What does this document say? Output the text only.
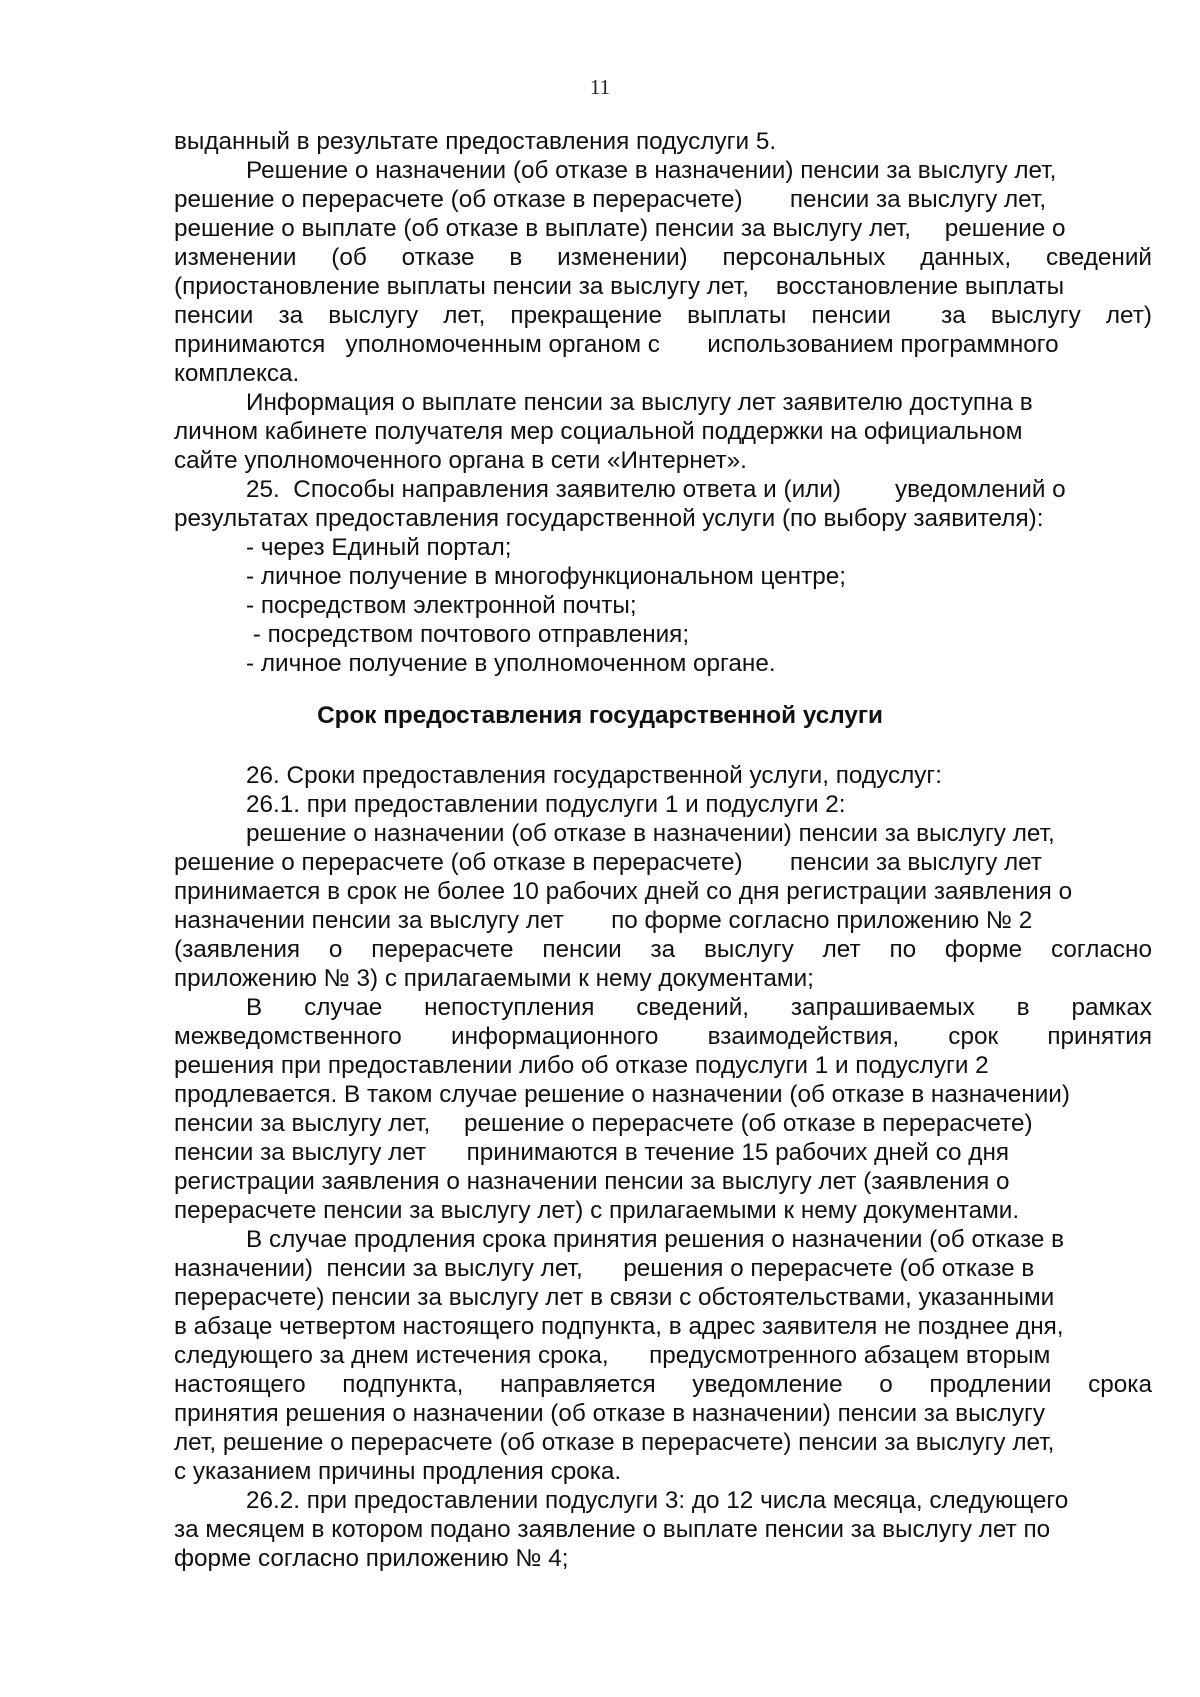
11
выданный в результате предоставления подуслуги 5.
Решение о назначении (об отказе в назначении) пенсии за выслугу лет,
решение о перерасчете (об отказе в перерасчете)       пенсии за выслугу лет,
решение о выплате (об отказе в выплате) пенсии за выслугу лет,     решение о
изменении (об отказе в изменении) персональных данных, сведений
(приостановление выплаты пенсии за выслугу лет,    восстановление выплаты
пенсии за выслугу лет, прекращение выплаты пенсии  за выслугу лет)
принимаются   уполномоченным органом с       использованием программного
комплекса.
Информация о выплате пенсии за выслугу лет заявителю доступна в
личном кабинете получателя мер социальной поддержки на официальном
сайте уполномоченного органа в сети «Интернет».
25.  Способы направления заявителю ответа и (или)        уведомлений о
результатах предоставления государственной услуги (по выбору заявителя):
- через Единый портал;
- личное получение в многофункциональном центре;
- посредством электронной почты;
- посредством почтового отправления;
- личное получение в уполномоченном органе.
Срок предоставления государственной услуги
26. Сроки предоставления государственной услуги, подуслуг:
26.1. при предоставлении подуслуги 1 и подуслуги 2:
решение о назначении (об отказе в назначении) пенсии за выслугу лет,
решение о перерасчете (об отказе в перерасчете)       пенсии за выслугу лет
принимается в срок не более 10 рабочих дней со дня регистрации заявления о
назначении пенсии за выслугу лет       по форме согласно приложению № 2
(заявления о перерасчете пенсии за выслугу лет по форме согласно
приложению № 3) с прилагаемыми к нему документами;
В случае непоступления сведений, запрашиваемых в рамках
межведомственного информационного взаимодействия, срок принятия
решения при предоставлении либо об отказе подуслуги 1 и подуслуги 2
продлевается. В таком случае решение о назначении (об отказе в назначении)
пенсии за выслугу лет,     решение о перерасчете (об отказе в перерасчете)
пенсии за выслугу лет      принимаются в течение 15 рабочих дней со дня
регистрации заявления о назначении пенсии за выслугу лет (заявления о
перерасчете пенсии за выслугу лет) с прилагаемыми к нему документами.
В случае продления срока принятия решения о назначении (об отказе в
назначении)  пенсии за выслугу лет,      решения о перерасчете (об отказе в
перерасчете) пенсии за выслугу лет в связи с обстоятельствами, указанными
в абзаце четвертом настоящего подпункта, в адрес заявителя не позднее дня,
следующего за днем истечения срока,      предусмотренного абзацем вторым
настоящего подпункта, направляется уведомление о продлении срока
принятия решения о назначении (об отказе в назначении) пенсии за выслугу
лет, решение о перерасчете (об отказе в перерасчете) пенсии за выслугу лет,
с указанием причины продления срока.
26.2. при предоставлении подуслуги 3: до 12 числа месяца, следующего
за месяцем в котором подано заявление о выплате пенсии за выслугу лет по
форме согласно приложению № 4;
